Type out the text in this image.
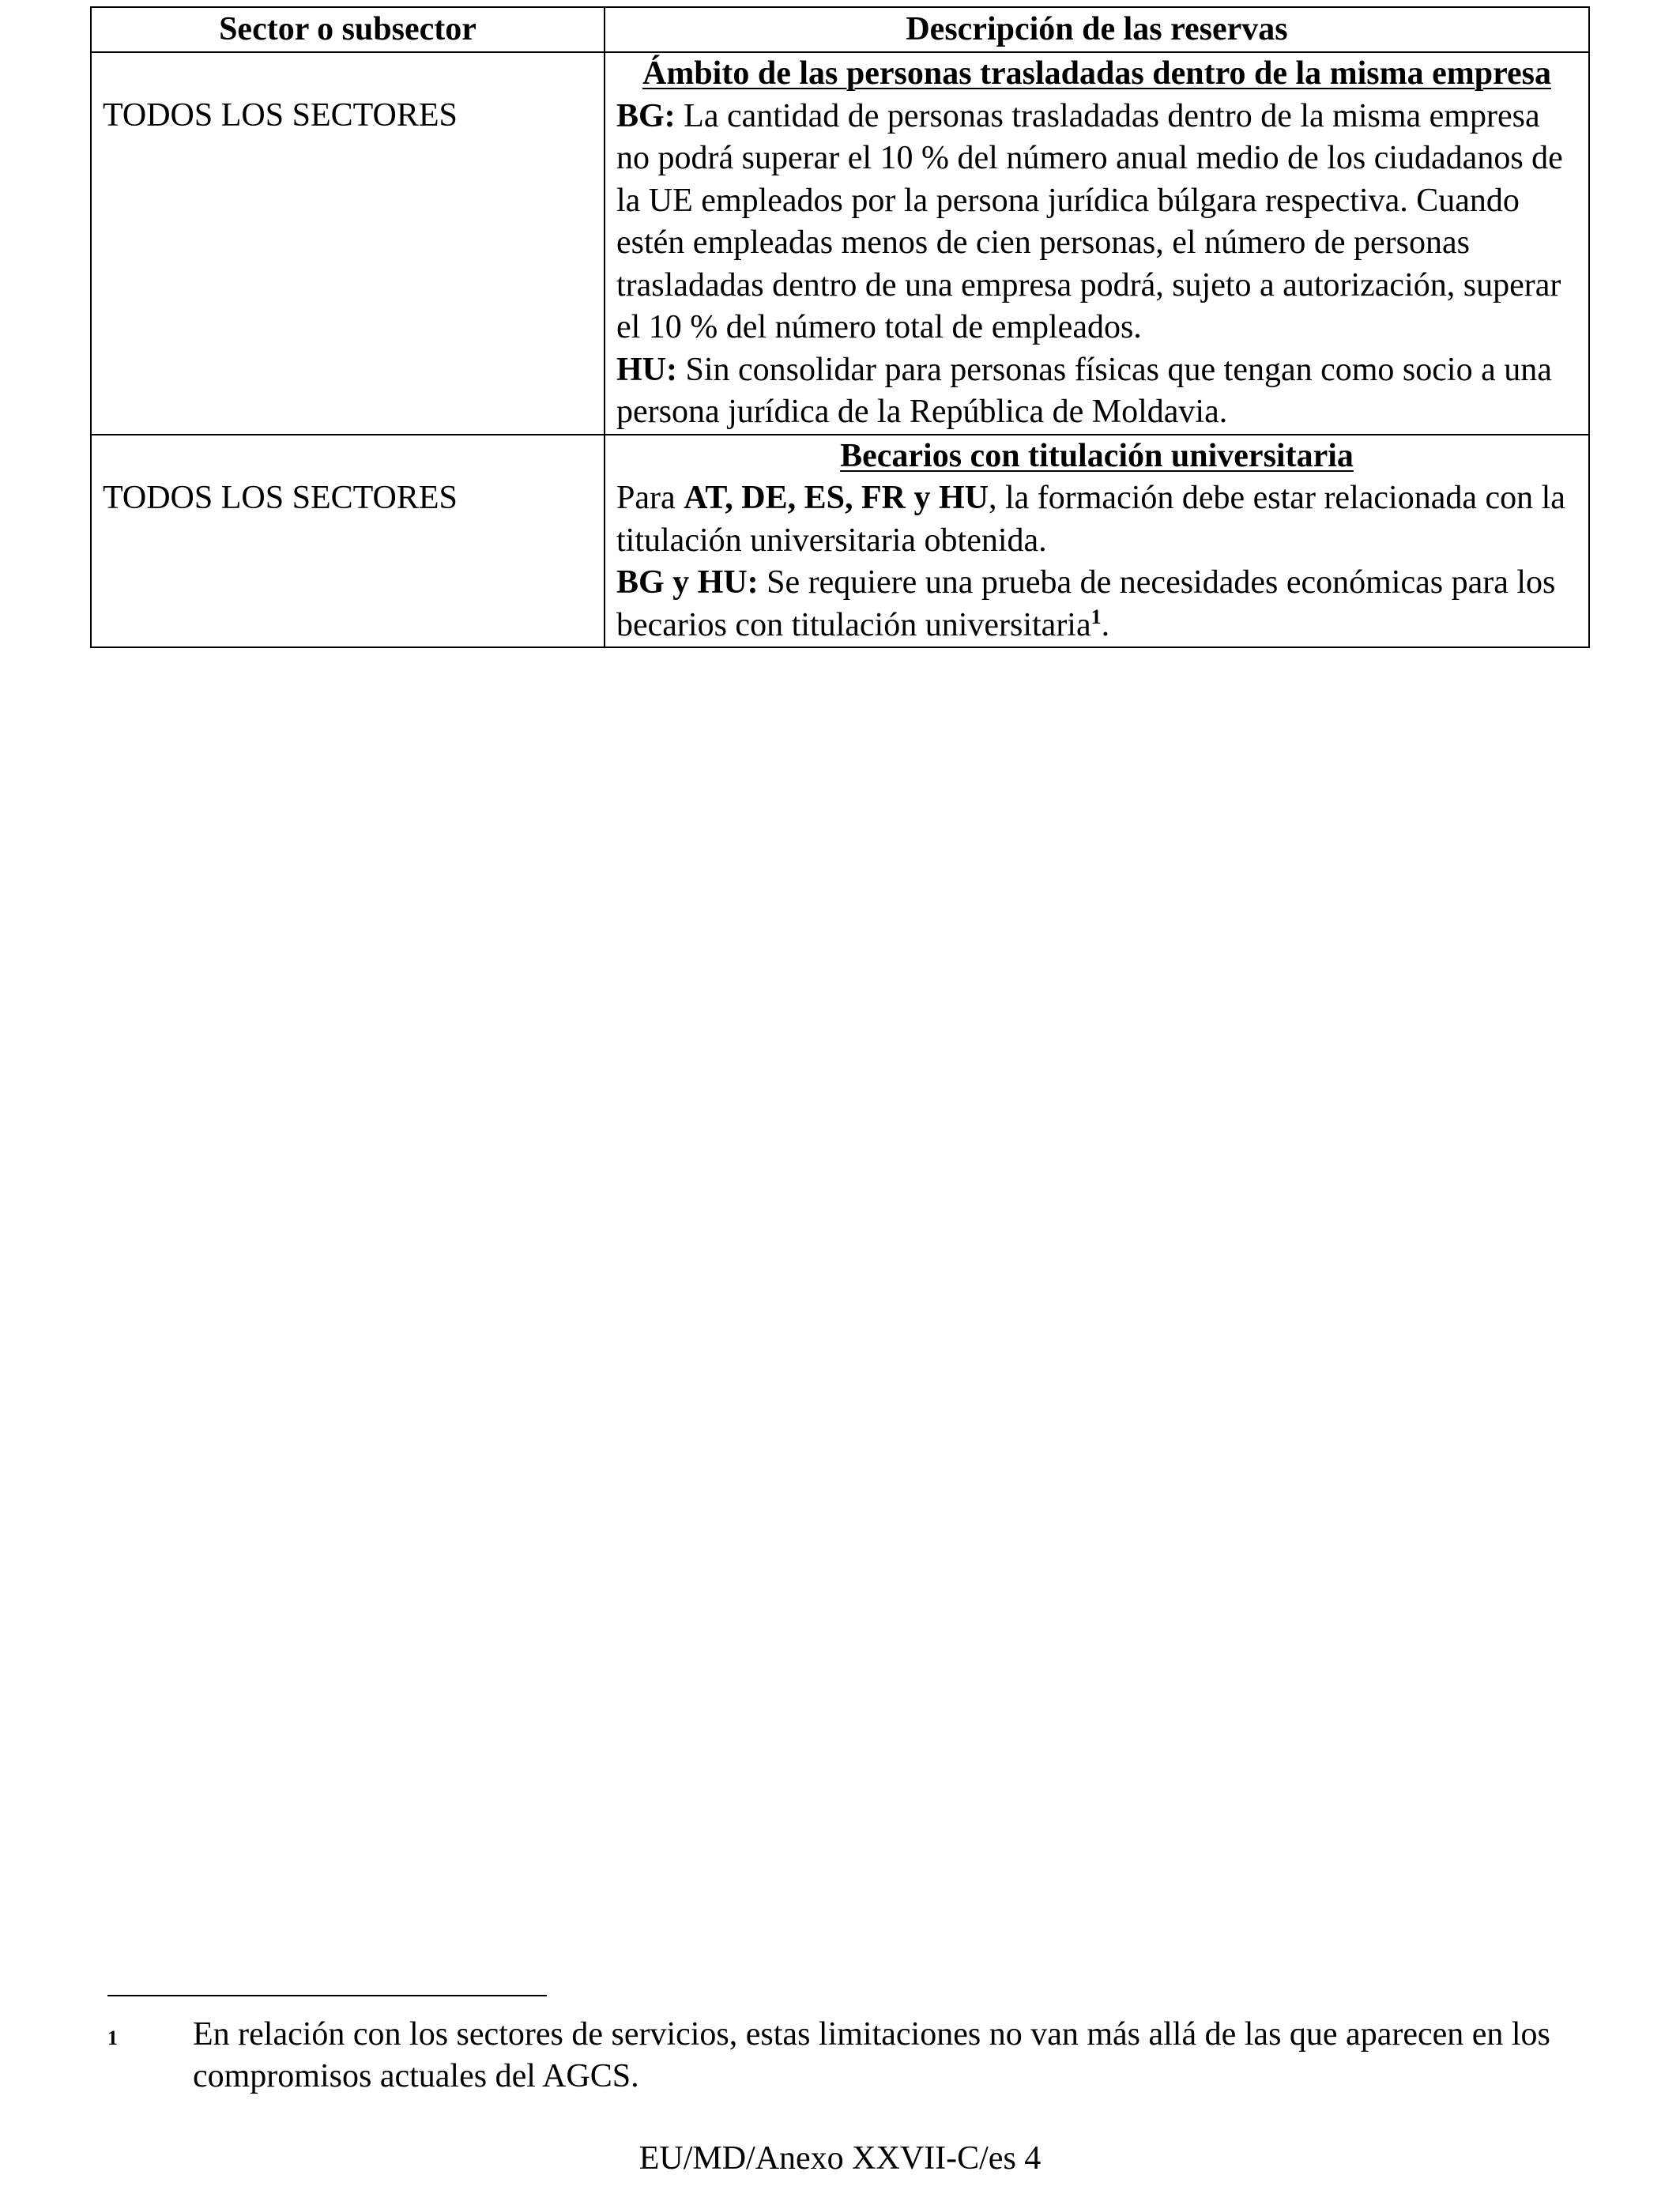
Sector o subsector	Descripción de las reservas

TODOS LOS SECTORES	Ámbito de las personas trasladadas dentro de la misma empresa
BG: La cantidad de personas trasladadas dentro de la misma empresa no podrá superar el 10 % del número anual medio de los ciudadanos de la UE empleados por la persona jurídica búlgara respectiva. Cuando estén empleadas menos de cien personas, el número de personas trasladadas dentro de una empresa podrá, sujeto a autorización, superar el 10 % del número total de empleados.
HU: Sin consolidar para personas físicas que tengan como socio a una persona jurídica de la República de Moldavia.

TODOS LOS SECTORES	Becarios con titulación universitaria
Para AT, DE, ES, FR y HU, la formación debe estar relacionada con la titulación universitaria obtenida.
BG y HU: Se requiere una prueba de necesidades económicas para los becarios con titulación universitaria$^1$.
1 En relación con los sectores de servicios, estas limitaciones no van más allá de las que aparecen en los compromisos actuales del AGCS.
EU/MD/Anexo XXVII-C/es 4
